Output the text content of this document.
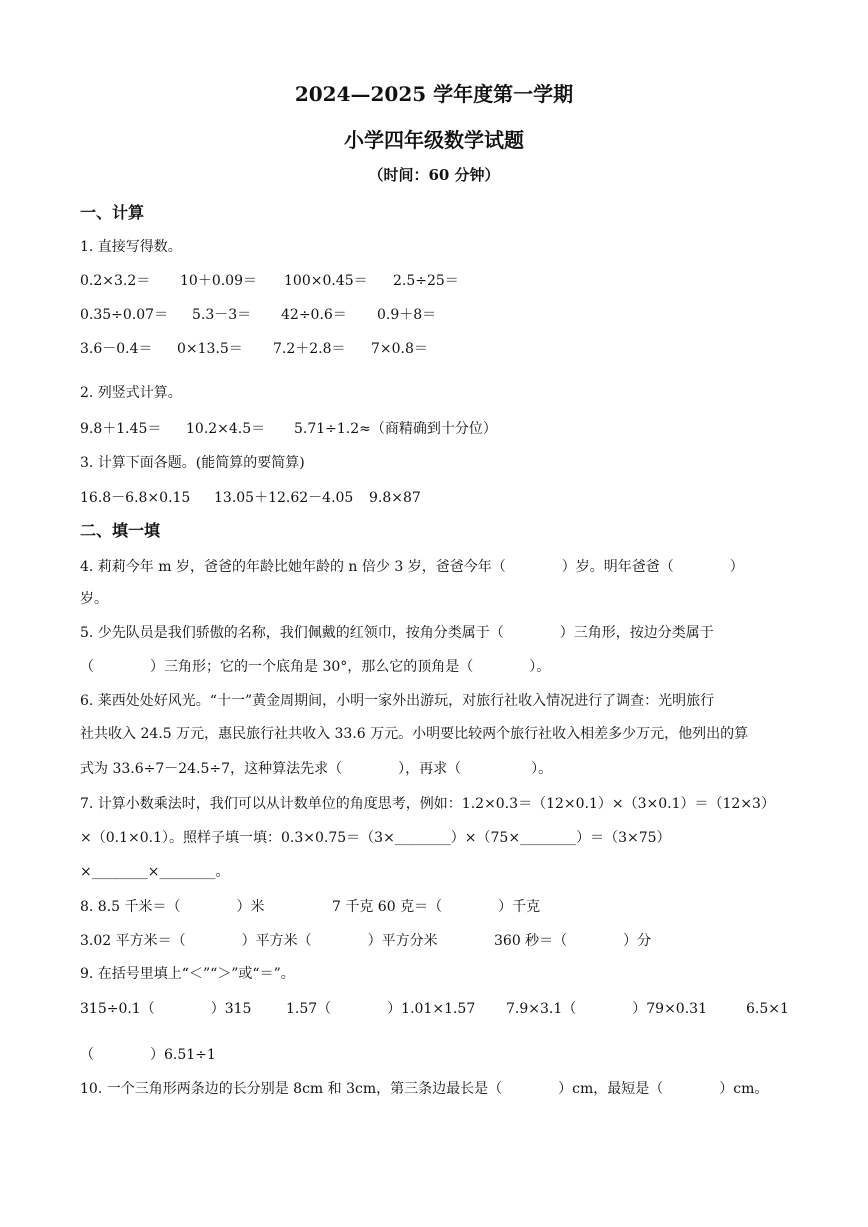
2024—2025 学年度第一学期
小学四年级数学试题
（时间：60 分钟）
一、计算
1. 直接写得数。
0.2×3.2＝ 10＋0.09＝ 100×0.45＝ 2.5÷25＝
0.35÷0.07＝ 5.3－3＝ 42÷0.6＝ 0.9＋8＝
3.6－0.4＝ 0×13.5＝ 7.2＋2.8＝ 7×0.8＝
2. 列竖式计算。
9.8＋1.45＝ 10.2×4.5＝ 5.71÷1.2≈（商精确到十分位）
3. 计算下面各题。(能简算的要简算)
16.8－6.8×0.15 13.05＋12.62－4.05 9.8×87
二、填一填
4. 莉莉今年 m 岁，爸爸的年龄比她年龄的 n 倍少 3 岁，爸爸今年（　　　　）岁。明年爸爸（　　　　）
岁。
5. 少先队员是我们骄傲的名称，我们佩戴的红领巾，按角分类属于（　　　　）三角形，按边分类属于
（　　　　）三角形；它的一个底角是 30°，那么它的顶角是（　　　　）。
6. 莱西处处好风光。“十一”黄金周期间，小明一家外出游玩，对旅行社收入情况进行了调查：光明旅行
社共收入 24.5 万元，惠民旅行社共收入 33.6 万元。小明要比较两个旅行社收入相差多少万元，他列出的算
式为 33.6÷7－24.5÷7，这种算法先求（　　　　），再求（　　　　　）。
7. 计算小数乘法时，我们可以从计数单位的角度思考，例如：1.2×0.3＝（12×0.1）×（3×0.1）＝（12×3）
×（0.1×0.1）。照样子填一填：0.3×0.75＝（3×________）×（75×________）＝（3×75）
×________×________。
8. 8.5 千米＝（　　　　）米	7 千克 60 克＝（　　　　）千克
3.02 平方米＝（　　　　）平方米（　　　　）平方分米	360 秒＝（　　　　）分
9. 在括号里填上“＜”“＞”或“＝”。
315÷0.1（　　　　）315 1.57（　　　　）1.01×1.57 7.9×3.1（　　　　）79×0.31	6.5×1
（　　　　）6.51÷1
10. 一个三角形两条边的长分别是 8cm 和 3cm，第三条边最长是（　　　　）cm，最短是（　　　　）cm。
